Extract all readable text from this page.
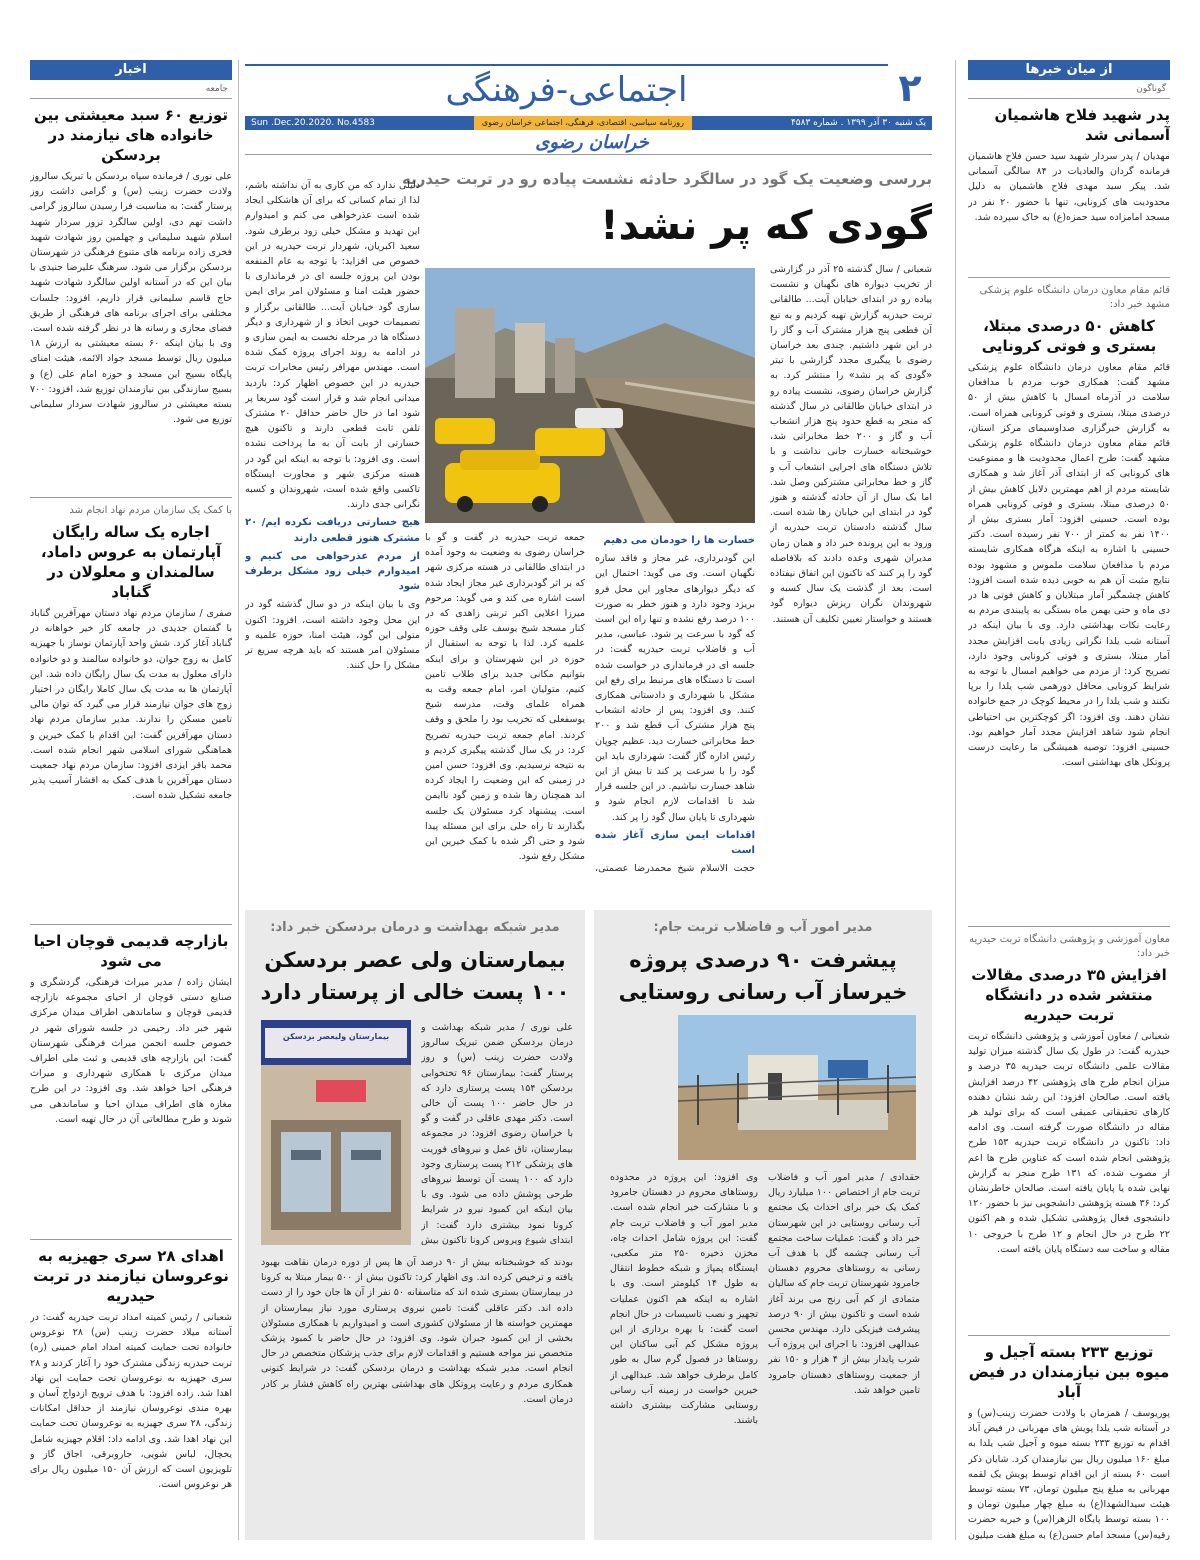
۲
اجتماعی-فرهنگی
یک شنبه ۳۰ آذر ۱۳۹۹ . شماره ۴۵۸۳
روزنامه سیاسی، اقتصادی، فرهنگی، اجتماعی خراسان رضوی
Sun .Dec.20.2020. No.4583
خراسان رضوی
از میان خبرها
گوناگون
پدر شهید فلاح هاشمیان آسمانی شد
مهدیان / پدر سردار شهید سید حسن فلاح هاشمیان فرمانده گردان والعادیات در ۸۴ سالگی آسمانی شد. پیکر سید مهدی فلاح هاشمیان به دلیل محدودیت های کرونایی، تنها با حضور ۲۰ نفر در مسجد امامزاده سید حمزه(ع) به خاک سپرده شد.
قائم مقام معاون درمان دانشگاه علوم پزشکی مشهد خبر داد:
کاهش ۵۰ درصدی مبتلا، بستری و فوتی کرونایی
قائم مقام معاون درمان دانشگاه علوم پزشکی مشهد گفت: همکاری خوب مردم با مدافعان سلامت در آذرماه امسال با کاهش بیش از ۵۰ درصدی مبتلا، بستری و فوتی کرونایی همراه است. به گزارش خبرگزاری صداوسیمای مرکز استان، قائم مقام معاون درمان دانشگاه علوم پزشکی مشهد گفت: طرح اعمال محدودیت ها و ممنوعیت های کرونایی که از ابتدای آذر آغاز شد و همکاری شایسته مردم از اهم مهمترین دلایل کاهش بیش از ۵۰ درصدی مبتلا، بستری و فوتی کرونایی همراه بوده است. حسینی افزود: آمار بستری بیش از ۱۴۰۰ نفر به کمتر از ۷۰۰ نفر رسیده است. دکتر حسینی با اشاره به اینکه هرگاه همکاری شایسته مردم با مدافعان سلامت ملموس و مشهود بوده نتایج مثبت آن هم به خوبی دیده شده است افزود: کاهش چشمگیر آمار مبتلایان و کاهش فوتی ها در دی ماه و حتی بهمن ماه بستگی به پایبندی مردم به رعایت نکات بهداشتی دارد. وی با بیان اینکه در آستانه شب یلدا نگرانی زیادی بابت افزایش مجدد آمار مبتلا، بستری و فوتی کرونایی وجود دارد، تصریح کرد: از مردم می خواهیم امسال با توجه به شرایط کرونایی محافل دورهمی شب یلدا را برپا نکنند و شب یلدا را در محیط کوچک در جمع خانواده نشان دهند. وی افزود: اگر کوچکترین بی احتیاطی انجام شود شاهد افزایش مجدد آمار خواهیم بود. حسینی افزود: توصیه همیشگی ما رعایت درست پروتکل های بهداشتی است.
معاون آموزشی و پژوهشی دانشگاه تربت حیدریه خبر داد:
افزایش ۳۵ درصدی مقالات منتشر شده در دانشگاه تربت حیدریه
شعبانی / معاون آموزشی و پژوهشی دانشگاه تربت حیدریه گفت: در طول یک سال گذشته میزان تولید مقالات علمی دانشگاه تربت حیدریه ۳۵ درصد و میزان انجام طرح های پژوهشی ۴۲ درصد افزایش یافته است. صالحان افزود: این رشد نشان دهنده کارهای تحقیقاتی عمیقی است که برای تولید هر مقاله در دانشگاه صورت گرفته است. وی ادامه داد: تاکنون در دانشگاه تربت حیدریه ۱۵۳ طرح پژوهشی انجام شده است که عناوین طرح ها اعم از مصوب شده، که ۱۳۱ طرح منجر به گزارش نهایی شده یا پایان یافته است. صالحان خاطرنشان کرد: ۳۶ هسته پژوهشی دانشجویی نیز با حضور ۱۲۰ دانشجوی فعال پژوهشی تشکیل شده و هم اکنون ۲۲ طرح در حال انجام و ۱۲ طرح با خروجی ۱۰ مقاله و ساخت سه دستگاه پایان یافته است.
توزیع ۲۳۳ بسته آجیل و میوه بین نیازمندان در فیض آباد
پوریوسف / همزمان با ولادت حضرت زینب(س) و در آستانه شب یلدا پویش های مهربانی در فیض آباد اقدام به توزیع ۲۳۳ بسته میوه و آجیل شب یلدا به مبلغ ۱۶۰ میلیون ریال بین نیازمندان کرد. شایان ذکر است ۶۰ بسته از این اقدام توسط پویش یک لقمه مهربانی به مبلغ پنج میلیون تومان، ۷۳ بسته توسط هیئت سیدالشهدا(ع) به مبلغ چهار میلیون تومان و ۱۰۰ بسته توسط پایگاه الزهرا(س) و خیریه حضرت رقیه(س) مسجد امام حسن(ع) به مبلغ هفت میلیون
اخبار
جامعه
توزیع ۶۰ سبد معیشتی بین خانواده های نیازمند در بردسکن
علی نوری / فرمانده سپاه بردسکن با تبریک سالروز ولادت حضرت زینب (س) و گرامی داشت روز پرستار گفت: به مناسبت فرا رسیدن سالروز گرامی داشت نهم دی، اولین سالگرد ترور سردار شهید اسلام شهید سلیمانی و چهلمین روز شهادت شهید فخری زاده برنامه های متنوع فرهنگی در شهرستان بردسکن برگزار می شود. سرهنگ علیرضا جنیدی با بیان این که در آستانه اولین سالگرد شهادت شهید حاج قاسم سلیمانی قرار داریم، افزود: جلسات مختلفی برای اجرای برنامه های فرهنگی از طریق فضای مجازی و رسانه ها در نظر گرفته شده است. وی با بیان اینکه ۶۰ بسته معیشتی به ارزش ۱۸ میلیون ریال توسط مسجد جواد الائمه، هیئت امنای پایگاه بسیج این مسجد و حوزه امام علی (ع) و بسیج سازندگی بین نیازمندان توزیع شد، افزود: ۷۰۰ بسته معیشتی در سالروز شهادت سردار سلیمانی توزیع می شود.
با کمک یک سازمان مردم نهاد انجام شد
اجاره یک ساله رایگان آپارتمان به عروس داماد، سالمندان و معلولان در گناباد
صفری / سازمان مردم نهاد دستان مهرآفرین گناباد با گفتمان جدیدی در جامعه کار خیر خواهانه در گناباد آغاز کرد. شش واحد آپارتمان نوساز با جهیزیه کامل به زوج جوان، دو خانواده سالمند و دو خانواده دارای معلول به مدت یک سال رایگان داده شد. این آپارتمان ها به مدت یک سال کاملا رایگان در اختیار زوج های جوان نیازمند قرار می گیرد که توان مالی تامین مسکن را ندارند. مدیر سازمان مردم نهاد دستان مهرآفرین گفت: این اقدام با کمک خیرین و هماهنگی شورای اسلامی شهر انجام شده است. محمد باقر ایزدی افزود: سازمان مردم نهاد جمعیت دستان مهرآفرین با هدف کمک به اقشار آسیب پذیر جامعه تشکیل شده است.
بازارچه قدیمی قوچان احیا می شود
ایشان زاده / مدیر میراث فرهنگی، گردشگری و صنایع دستی قوچان از احیای مجموعه بازارچه قدیمی قوچان و ساماندهی اطراف میدان مرکزی شهر خبر داد. رحیمی در جلسه شورای شهر در خصوص جلسه انجمن میراث فرهنگی شهرستان گفت: این بازارچه های قدیمی و ثبت ملی اطراف میدان مرکزی با همکاری شهرداری و میراث فرهنگی احیا خواهد شد. وی افزود: در این طرح مغازه های اطراف میدان احیا و ساماندهی می شوند و طرح مطالعاتی آن در حال تهیه است.
اهدای ۲۸ سری جهیزیه به نوعروسان نیازمند در تربت حیدریه
شعبانی / رئیس کمیته امداد تربت حیدریه گفت: در آستانه میلاد حضرت زینب (س) ۲۸ نوعروس خانواده تحت حمایت کمیته امداد امام خمینی (ره) تربت حیدریه زندگی مشترک خود را آغاز کردند و ۲۸ سری جهیزیه به نوعروسان تحت حمایت این نهاد اهدا شد. زاده افزود: با هدف ترویج ازدواج آسان و بهره مندی نوعروسان نیازمند از حداقل امکانات زندگی، ۲۸ سری جهیزیه به نوعروسان تحت حمایت این نهاد اهدا شد. وی ادامه داد: اقلام جهیزیه شامل یخچال، لباس شویی، جاروبرقی، اجاق گاز و تلویزیون است که ارزش آن ۱۵۰ میلیون ریال برای هر نوعروس است.
بررسی وضعیت یک گود در سالگرد حادثه نشست پیاده رو در تربت حیدریه
گودی که پر نشد!

دلیلی ندارد که من کاری به آن نداشته باشم، لذا از تمام کسانی که برای آن هاشکلی ایجاد شده است عذرخواهی می کنم و امیدوارم این تهدید و مشکل خیلی زود برطرف شود. سعید اکبریان، شهردار تربت حیدریه در این خصوص می افزاید: با توجه به عام المنفعه بودن این پروژه جلسه ای در فرمانداری با حضور هیئت امنا و مسئولان امر برای ایمن سازی گود خیابان آیت... طالقانی برگزار و تصمیمات خوبی اتخاذ و از شهرداری و دیگر دستگاه ها در مرحله نخست به ایمن سازی و در ادامه به روند اجرای پروژه کمک شده است. مهندس مهرافر رئیس مخابرات تربت حیدریه در این خصوص اظهار کرد: بازدید میدانی انجام شد و قرار است گود سریعا پر شود اما در حال حاضر حداقل ۲۰ مشترک تلفن ثابت قطعی دارند و تاکنون هیچ خسارتی از بابت آن به ما پرداخت نشده است. وی افزود: با توجه به اینکه این گود در هسته مرکزی شهر و مجاورت ایستگاه تاکسی واقع شده است، شهروندان و کسبه نگرانی جدی دارند.

هیچ خسارتی دریافت نکرده ایم/ ۲۰ مشترک هنوز قطعی دارند
از مردم عذرخواهی می کنیم و امیدوارم خیلی زود مشکل برطرف شود

وی با بیان اینکه در دو سال گذشته گود در این محل وجود داشته است، افزود: اکنون متولی این گود، هیئت امنا، حوزه علمیه و مسئولان امر هستند که باید هرچه سریع تر مشکل را حل کنند.

شعبانی / سال گذشته ۲۵ آذر در گزارشی از تخریب دیواره های نگهبان و نشست پیاده رو در ابتدای خیابان آیت... طالقانی تربت حیدریه گزارش تهیه کردیم و به تبع آن قطعی پنج هزار مشترک آب و گاز را در این شهر داشتیم. چندی بعد خراسان رضوی با پیگیری مجدد گزارشی با تیتر «گودی که پر نشد» را منتشر کرد. به گزارش خراسان رضوی، نشست پیاده رو در ابتدای خیابان طالقانی در سال گذشته که منجر به قطع حدود پنج هزار انشعاب آب و گاز و ۲۰۰ خط مخابراتی شد، خوشبختانه خسارت جانی نداشت و با تلاش دستگاه های اجرایی انشعاب آب و گاز و خط مخابراتی مشترکین وصل شد. اما یک سال از آن حادثه گذشته و هنوز گود در ابتدای این خیابان رها شده است. سال گذشته دادستان تربت حیدریه از ورود به این پرونده خبر داد و همان زمان مدیران شهری وعده دادند که بلافاصله گود را پر کنند که تاکنون این اتفاق نیفتاده است. بعد از گذشت یک سال کسبه و شهروندان نگران ریزش دیواره گود هستند و خواستار تعیین تکلیف آن هستند.

جمعه تربت حیدریه در گفت و گو با خراسان رضوی به وضعیت به وجود آمده در ابتدای طالقانی در هسته مرکزی شهر که بر اثر گودبرداری غیر مجاز ایجاد شده است اشاره می کند و می گوید: مرحوم میرزا اعلایی اکبر تربتی زاهدی که در کنار مسجد شیخ یوسف علی وقف حوزه علمیه کرد. لذا با توجه به استقبال از حوزه در این شهرستان و برای اینکه بتوانیم مکانی جدید برای طلاب تامین کنیم، متولیان امر، امام جمعه وقت به همراه علمای وقت، مدرسه شیخ یوسفعلی که تخریب بود را ملحق و وقف کردند. امام جمعه تربت حیدریه تصریح کرد: در یک سال گذشته پیگیری کردیم و به نتیجه نرسیدیم. وی افزود: حسن امین در زمینی که این وضعیت را ایجاد کرده اند همچنان رها شده و زمین گود ناایمن است. پیشنهاد کرد مسئولان یک جلسه بگذارند تا راه حلی برای این مسئله پیدا شود و حتی اگر شده با کمک خیرین این مشکل رفع شود.

خسارت ها را خودمان می دهیم

این گودبرداری، غیر مجاز و فاقد سازه نگهبان است. وی می گوید: احتمال این که دیگر دیوارهای مجاور این محل فرو بریزد وجود دارد و هنوز خطر به صورت ۱۰۰ درصد رفع نشده و تنها راه این است که گود با سرعت پر شود. عباسی، مدیر آب و فاضلاب تربت حیدریه گفت: در جلسه ای در فرمانداری در خواست شده است تا دستگاه های مرتبط برای رفع این مشکل با شهرداری و دادستانی همکاری کنند. وی افزود: پس از حادثه انشعاب پنج هزار مشترک آب قطع شد و ۲۰۰ خط مخابراتی خسارت دید. عظیم چوپان رئیس اداره گاز گفت: شهرداری باید این گود را با سرعت پر کند تا بیش از این شاهد خسارت نباشیم. در این جلسه قرار شد تا اقدامات لازم انجام شود و شهرداری تا پایان سال گود را پر کند.

اقدامات ایمن سازی آغاز شده است

حجت الاسلام شیخ محمدرضا عصمتی،

مدیر شبکه بهداشت و درمان بردسکن خبر داد:
بیمارستان ولی عصر بردسکن ۱۰۰ پست خالی از پرستار دارد
بیمارستان ولیعصر بردسکن
علی نوری / مدیر شبکه بهداشت و درمان بردسکن ضمن تبریک سالروز ولادت حضرت زینب (س) و روز پرستار گفت: بیمارستان ۹۶ تختخوابی بردسکن ۱۵۴ پست پرستاری دارد که در حال حاضر ۱۰۰ پست آن خالی است. دکتر مهدی عاقلی در گفت و گو با خراسان رضوی افزود: در مجموعه بیمارستان، تاق عمل و نیروهای فوریت های پزشکی ۲۱۲ پست پرستاری وجود دارد که ۱۰۰ پست آن توسط نیروهای طرحی پوشش داده می شود. وی با بیان اینکه این کمبود نیرو در شرایط کرونا نمود بیشتری دارد گفت: از ابتدای شیوع ویروس کرونا تاکنون بیش
بودند که خوشبختانه بیش از ۹۰ درصد آن ها پس از دوره درمان نقاهت بهبود یافته و ترخیص کرده اند. وی اظهار کرد: تاکنون بیش از ۵۰۰ بیمار مبتلا به کرونا در بیمارستان بستری شده اند که متاسفانه ۵۰ نفر از آن ها جان خود را از دست داده اند. دکتر عاقلی گفت: تامین نیروی پرستاری مورد نیاز بیمارستان از مهمترین خواسته ها از مسئولان کشوری است و امیدواریم با همکاری مسئولان بخشی از این کمبود جبران شود. وی افزود: در حال حاضر با کمبود پزشک متخصص نیز مواجه هستیم و اقدامات لازم برای جذب پزشکان متخصص در حال انجام است. مدیر شبکه بهداشت و درمان بردسکن گفت: در شرایط کنونی همکاری مردم و رعایت پروتکل های بهداشتی بهترین راه کاهش فشار بر کادر درمان است.
مدیر امور آب و فاضلاب تربت جام:
پیشرفت ۹۰ درصدی پروژه خیرساز آب رسانی روستایی
حقدادی / مدیر امور آب و فاضلاب تربت جام از اختصاص ۱۰۰ میلیارد ریال کمک یک خیر برای احداث یک مجتمع آب رسانی روستایی در این شهرستان خبر داد و گفت: عملیات ساخت مجتمع آب رسانی چشمه گل با هدف آب رسانی به روستاهای محروم دهستان جامرود شهرستان تربت جام که سالیان متمادی از کم آبی رنج می برند آغاز شده است و تاکنون بیش از ۹۰ درصد پیشرفت فیزیکی دارد. مهندس محسن عبدالهی افزود: با اجرای این پروژه آب شرب پایدار بیش از ۴ هزار و ۱۵۰ نفر از جمعیت روستاهای دهستان جامرود تامین خواهد شد.
وی افزود: این پروژه در محدوده روستاهای محروم در دهستان جامرود و با مشارکت خیر انجام شده است. مدیر امور آب و فاضلاب تربت جام گفت: این پروژه شامل احداث چاه، مخزن ذخیره ۲۵۰ متر مکعبی، ایستگاه پمپاژ و شبکه خطوط انتقال به طول ۱۴ کیلومتر است. وی با اشاره به اینکه هم اکنون عملیات تجهیز و نصب تاسیسات در حال انجام است گفت: با بهره برداری از این پروژه مشکل کم آبی ساکنان این روستاها در فصول گرم سال به طور کامل برطرف خواهد شد. عبدالهی از خیرین خواست در زمینه آب رسانی روستایی مشارکت بیشتری داشته باشند.
